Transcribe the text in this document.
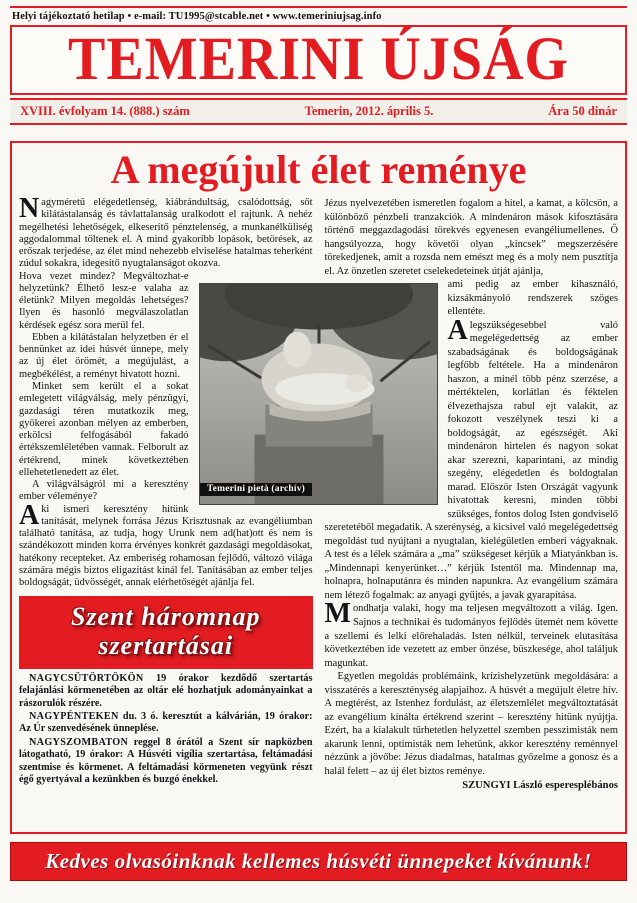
Helyi tájékoztató hetilap • e-mail: TU1995@stcable.net • www.temeriniujsag.info
TEMERINI ÚJSÁG
XVIII. évfolyam 14. (888.) szám	Temerin, 2012. április 5.	Ára 50 dinár
A megújult élet reménye

Nagyméretű elégedetlenség, kiábrándultság, csalódottság, sőt kilátástalanság és távlattalanság uralkodott el rajtunk. A nehéz megélhetési lehetőségek, elkeserítő pénztelenség, a munkanélküliség aggodalommal töltenek el. A mind gyakoribb lopások, betörések, az erőszak terjedése, az élet mind nehezebb elviselése hatalmas teherként zúdul sokakra, idegesítő nyugtalanságot okozva.

Hova vezet mindez? Megváltozhat-e helyzetünk? Élhető lesz-e valaha az életünk? Milyen megoldás lehetséges? Ilyen és hasonló megválaszolatlan kérdések egész sora merül fel.

Ebben a kilátástalan helyzetben ér el bennünket az idei húsvét ünnepe, mely az új élet örömét, a megújulást, a megbékélést, a reményt hivatott hozni.

Minket sem került el a sokat emlegetett világválság, mely pénzügyi, gazdasági téren mutatkozik meg, gyökerei azonban mélyen az emberben, erkölcsi felfogásából fakadó értékszemléletében vannak. Felborult az értékrend, minek következtében ellehetetlenedett az élet.

A világválságról mi a keresztény ember véleménye?

Aki ismeri keresztény hitünk tanítását, melynek forrása Jézus Krisztusnak az evangéliumban található tanítása, az tudja, hogy Urunk nem ad(hat)ott és nem is szándékozott minden korra érvényes konkrét gazdasági megoldásokat, hatékony recepteket. Az emberiség rohamosan fejlődő, változó világa számára mégis biztos eligazítást kínál fel. Tanításában az ember teljes boldogságát, üdvösségét, annak elérhetőségét ajánlja fel.

Szent háromnap
szertartásai

NAGYCSÜTÖRTÖKÖN 19 órakor kezdődő szertartás felajánlási körmenetében az oltár elé hozhatjuk adományainkat a rászorulók részére.

NAGYPÉNTEKEN du. 3 ó. keresztút a kálvárián, 19 órakor: Az Úr szenvedésének ünneplése.

NAGYSZOMBATON reggel 8 órától a Szent sír napközben látogatható, 19 órakor: A Húsvéti vigília szertartása, feltámadási szentmise és körmenet. A feltámadási körmeneten vegyünk részt égő gyertyával a kezünkben és buzgó énekkel.

Jézus nyelvezetében ismeretlen fogalom a hitel, a kamat, a kölcsön, a különböző pénzbeli tranzakciók. A mindenáron mások kifosztására történő meggazdagodási törekvés egyenesen evangéliumellenes. Ő hangsúlyozza, hogy követői olyan „kincsek” megszerzésére törekedjenek, amit a rozsda nem emészt meg és a moly nem pusztítja el. Az önzetlen szeretet cselekedeteinek útját ajánlja,

ami pedig az ember kihasználó, kizsákmányoló rendszerek szöges ellentéte.

Alegszükségesebbel való megelégedettség az ember szabadságának és boldogságának legfőbb feltétele. Ha a mindenáron haszon, a minél több pénz szerzése, a mértéktelen, korlátlan és féktelen élvezethajsza rabul ejt valakit, az fokozott veszélynek teszi ki a boldogságát, az egészségét. Aki mindenáron hirtelen és nagyon sokat akar szerezni, kaparintani, az mindig szegény, elégedetlen és boldogtalan marad. Először Isten Országát vagyunk hivatottak keresni, minden többi szükséges, fontos dolog Isten gondviselő szeretetéből megadatik. A szerénység, a kicsivel való megelégedettség megoldást tud nyújtani a nyugtalan, kielégületlen emberi vágyaknak. A test és a lélek számára a „ma” szükségeset kérjük a Miatyánkban is. „Mindennapi kenyerünket…” kérjük Istentől ma. Mindennap ma, holnapra, holnaputánra és minden napunkra. Az evangélium számára nem létező fogalmak: az anyagi gyűjtés, a javak gyarapítása.

Mondhatja valaki, hogy ma teljesen megváltozott a világ. Igen. Sajnos a technikai és tudományos fejlődés ütemét nem követte a szellemi és lelki előrehaladás. Isten nélkül, terveinek elutasítása következtében ide vezetett az ember önzése, büszkesége, ahol találjuk magunkat.

Egyetlen megoldás problémáink, krízishelyzetünk megoldására: a visszatérés a kereszténység alapjaihoz. A húsvét a megújult életre hív. A megtérést, az Istenhez fordulást, az életszemlélet megváltoztatását az evangélium kínálta értékrend szerint – keresztény hitünk nyújtja. Ezért, ha a kialakult tűrhetetlen helyzettel szemben pesszimisták nem akarunk lenni, optimisták nem lehetünk, akkor keresztény reménnyel nézzünk a jövőbe: Jézus diadalmas, hatalmas győzelme a gonosz és a halál felett – az új élet biztos reménye.

SZUNGYI László esperesplébános
Temerini pietà (archív)
Kedves olvasóinknak kellemes húsvéti ünnepeket kívánunk!
